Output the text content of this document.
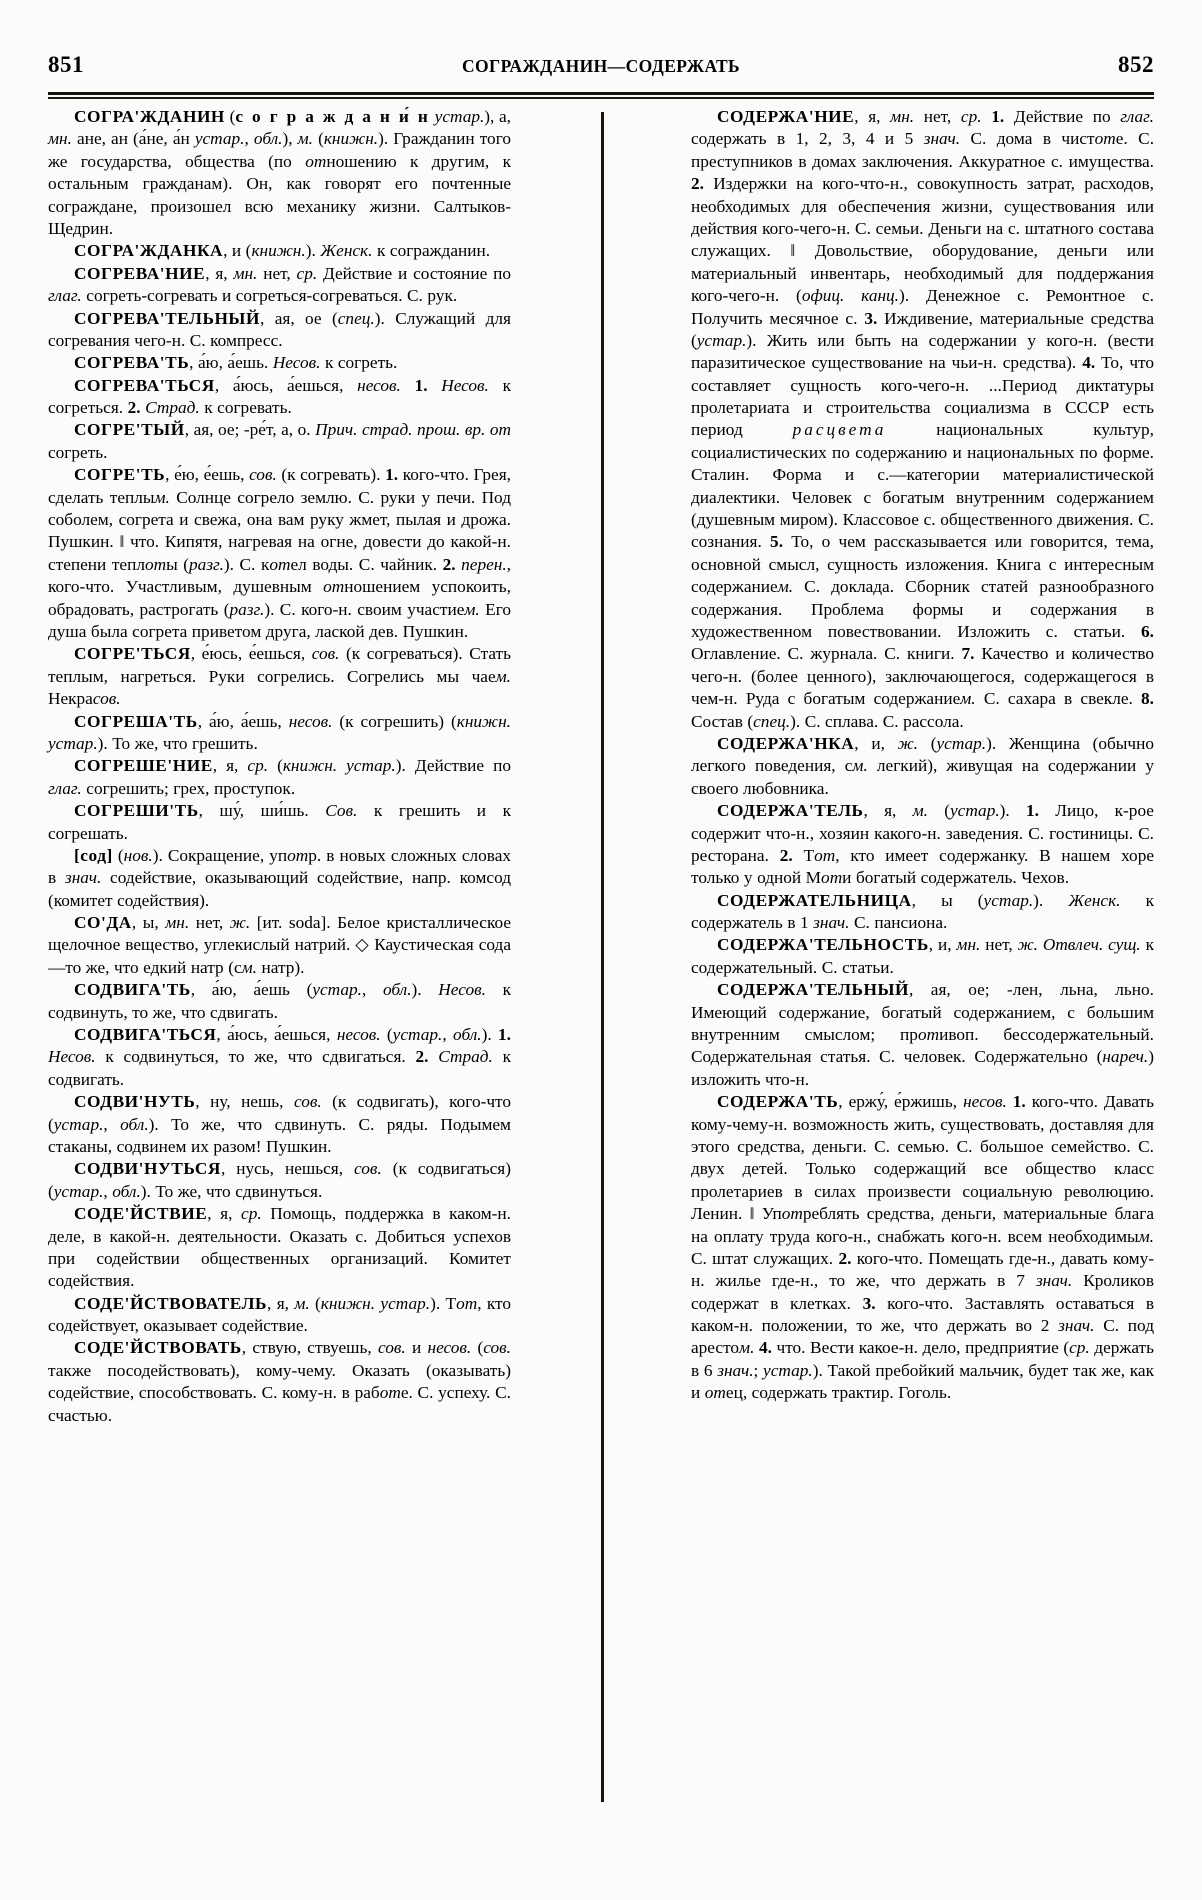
851	СОГРАЖДАНИН—СОДЕРЖАТЬ	852

СОГРА'ЖДАНИН (с о г р а ж д а н и́ н устар.), а, мн. ане, ан (а́не, а́н устар., обл.), м. (книжн.). Гражданин того же государства, общества (по отношению к другим, к остальным гражданам). Он, как говорят его почтенные сограждане, произошел всю механику жизни. Салтыков-Щедрин.

СОГРА'ЖДАНКА, и (книжн.). Женск. к согражданин.

СОГРЕВА'НИЕ, я, мн. нет, ср. Действие и состояние по глаг. согреть-согревать и согреться-согреваться. С. рук.

СОГРЕВА'ТЕЛЬНЫЙ, ая, ое (спец.). Служащий для согревания чего-н. С. компресс.

СОГРЕВА'ТЬ, а́ю, а́ешь. Несов. к согреть.

СОГРЕВА'ТЬСЯ, а́юсь, а́ешься, несов. 1. Несов. к согреться. 2. Страд. к согревать.

СОГРЕ'ТЫЙ, ая, ое; -ре́т, а, о. Прич. страд. прош. вр. от согреть.

СОГРЕ'ТЬ, е́ю, е́ешь, сов. (к согревать). 1. кого-что. Грея, сделать теплым. Солнце согрело землю. С. руки у печи. Под соболем, согрета и свежа, она вам руку жмет, пылая и дрожа. Пушкин. ‖ что. Кипятя, нагревая на огне, довести до какой-н. степени теплоты (разг.). С. котел воды. С. чайник. 2. перен., кого-что. Участливым, душевным отношением успокоить, обрадовать, растрогать (разг.). С. кого-н. своим участием. Его душа была согрета приветом друга, лаской дев. Пушкин.

СОГРЕ'ТЬСЯ, е́юсь, е́ешься, сов. (к согреваться). Стать теплым, нагреться. Руки согрелись. Согрелись мы чаем. Некрасов.

СОГРЕША'ТЬ, а́ю, а́ешь, несов. (к согрешить) (книжн. устар.). То же, что грешить.

СОГРЕШЕ'НИЕ, я, ср. (книжн. устар.). Действие по глаг. согрешить; грех, проступок.

СОГРЕШИ'ТЬ, шу́, ши́шь. Сов. к грешить и к согрешать.

[сод] (нов.). Сокращение, употр. в новых сложных словах в знач. содействие, оказывающий содействие, напр. комсод (комитет содействия).

СО'ДА, ы, мн. нет, ж. [ит. soda]. Белое кристаллическое щелочное вещество, углекислый натрий. ◇ Каустическая сода—то же, что едкий натр (см. натр).

СОДВИГА'ТЬ, а́ю, а́ешь (устар., обл.). Несов. к содвинуть, то же, что сдвигать.

СОДВИГА'ТЬСЯ, а́юсь, а́ешься, несов. (устар., обл.). 1. Несов. к содвинуться, то же, что сдвигаться. 2. Страд. к содвигать.

СОДВИ'НУТЬ, ну, нешь, сов. (к содвигать), кого-что (устар., обл.). То же, что сдвинуть. С. ряды. Подымем стаканы, содвинем их разом! Пушкин.

СОДВИ'НУТЬСЯ, нусь, нешься, сов. (к содвигаться) (устар., обл.). То же, что сдвинуться.

СОДЕ'ЙСТВИЕ, я, ср. Помощь, поддержка в каком-н. деле, в какой-н. деятельности. Оказать с. Добиться успехов при содействии общественных организаций. Комитет содействия.

СОДЕ'ЙСТВОВАТЕЛЬ, я, м. (книжн. устар.). Тот, кто содействует, оказывает содействие.

СОДЕ'ЙСТВОВАТЬ, ствую, ствуешь, сов. и несов. (сов. также посодействовать), кому-чему. Оказать (оказывать) содействие, способствовать. С. кому-н. в работе. С. успеху. С. счастью.

СОДЕРЖА'НИЕ, я, мн. нет, ср. 1. Действие по глаг. содержать в 1, 2, 3, 4 и 5 знач. С. дома в чистоте. С. преступников в домах заключения. Аккуратное с. имущества. 2. Издержки на кого-что-н., совокупность затрат, расходов, необходимых для обеспечения жизни, существования или действия кого-чего-н. С. семьи. Деньги на с. штатного состава служащих. ‖ Довольствие, оборудование, деньги или материальный инвентарь, необходимый для поддержания кого-чего-н. (офиц. канц.). Денежное с. Ремонтное с. Получить месячное с. 3. Иждивение, материальные средства (устар.). Жить или быть на содержании у кого-н. (вести паразитическое существование на чьи-н. средства). 4. То, что составляет сущность кого-чего-н. ...Период диктатуры пролетариата и строительства социализма в СССР есть период расцвета национальных культур, социалистических по содержанию и национальных по форме. Сталин. Форма и с.—категории материалистической диалектики. Человек с богатым внутренним содержанием (душевным миром). Классовое с. общественного движения. С. сознания. 5. То, о чем рассказывается или говорится, тема, основной смысл, сущность изложения. Книга с интересным содержанием. С. доклада. Сборник статей разнообразного содержания. Проблема формы и содержания в художественном повествовании. Изложить с. статьи. 6. Оглавление. С. журнала. С. книги. 7. Качество и количество чего-н. (более ценного), заключающегося, содержащегося в чем-н. Руда с богатым содержанием. С. сахара в свекле. 8. Состав (спец.). С. сплава. С. рассола.

СОДЕРЖА'НКА, и, ж. (устар.). Женщина (обычно легкого поведения, см. легкий), живущая на содержании у своего любовника.

СОДЕРЖА'ТЕЛЬ, я, м. (устар.). 1. Лицо, к-рое содержит что-н., хозяин какого-н. заведения. С. гостиницы. С. ресторана. 2. Тот, кто имеет содержанку. В нашем хоре только у одной Моти богатый содержатель. Чехов.

СОДЕРЖАТЕЛЬНИЦА, ы (устар.). Женск. к содержатель в 1 знач. С. пансиона.

СОДЕРЖА'ТЕЛЬНОСТЬ, и, мн. нет, ж. Отвлеч. сущ. к содержательный. С. статьи.

СОДЕРЖА'ТЕЛЬНЫЙ, ая, ое; -лен, льна, льно. Имеющий содержание, богатый содержанием, с большим внутренним смыслом; противоп. бессодержательный. Содержательная статья. С. человек. Содержательно (нареч.) изложить что-н.

СОДЕРЖА'ТЬ, ержу́, е́ржишь, несов. 1. кого-что. Давать кому-чему-н. возможность жить, существовать, доставляя для этого средства, деньги. С. семью. С. большое семейство. С. двух детей. Только содержащий все общество класс пролетариев в силах произвести социальную революцию. Ленин. ‖ Употреблять средства, деньги, материальные блага на оплату труда кого-н., снабжать кого-н. всем необходимым. С. штат служащих. 2. кого-что. Помещать где-н., давать кому-н. жилье где-н., то же, что держать в 7 знач. Кроликов содержат в клетках. 3. кого-что. Заставлять оставаться в каком-н. положении, то же, что держать во 2 знач. С. под арестом. 4. что. Вести какое-н. дело, предприятие (ср. держать в 6 знач.; устар.). Такой пребойкий мальчик, будет так же, как и отец, содержать трактир. Гоголь.
